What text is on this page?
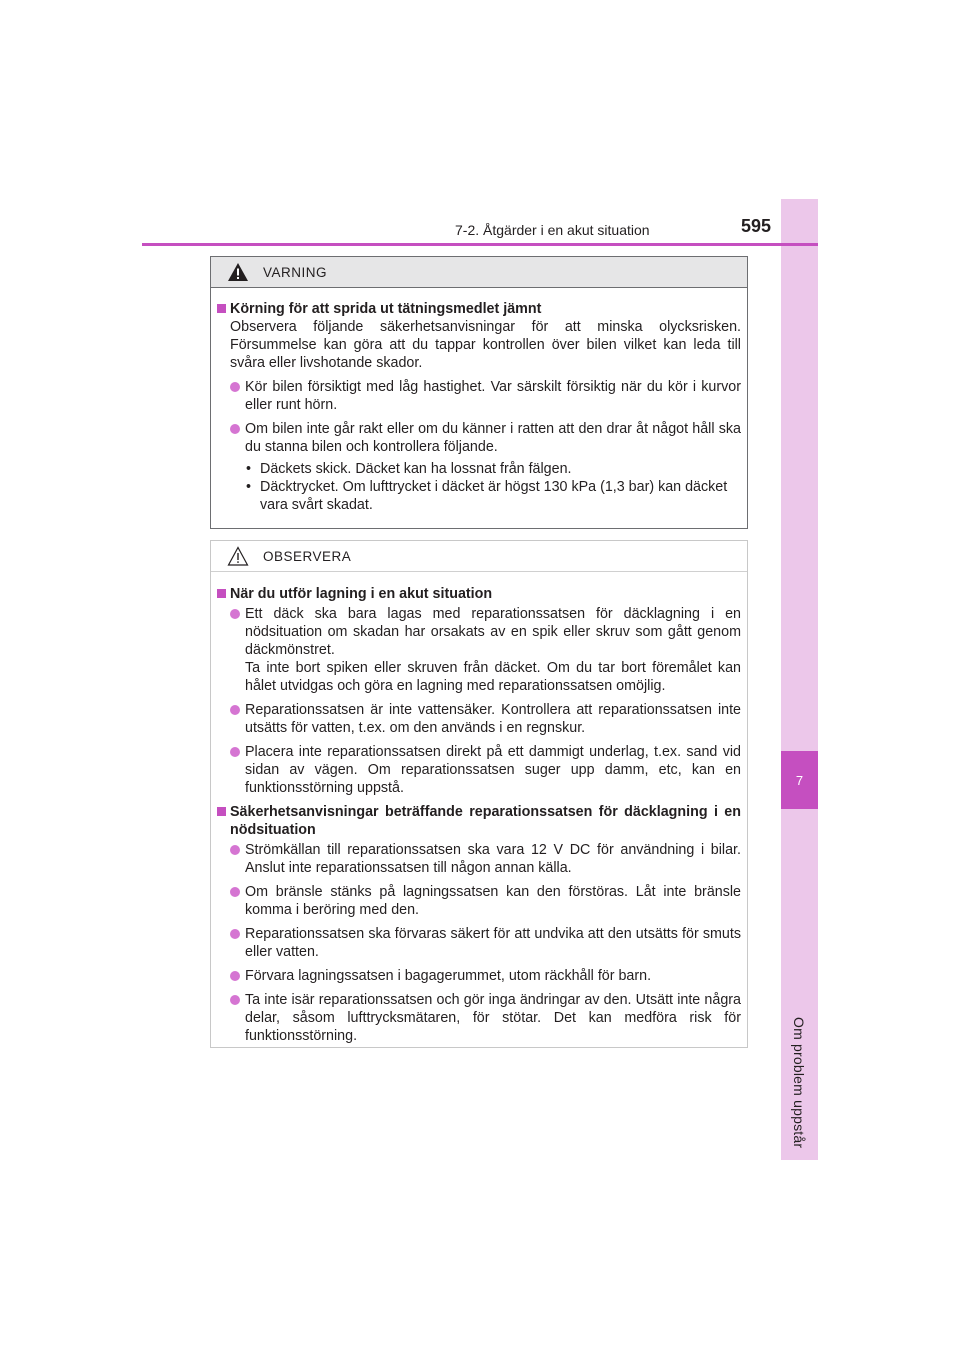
7
Om problem uppstår
7-2. Åtgärder i en akut situation	595
VARNING
Körning för att sprida ut tätningsmedlet jämnt
Observera följande säkerhetsanvisningar för att minska olycksrisken. Försummelse kan göra att du tappar kontrollen över bilen vilket kan leda till svåra eller livshotande skador.
Kör bilen försiktigt med låg hastighet. Var särskilt försiktig när du kör i kurvor eller runt hörn.
Om bilen inte går rakt eller om du känner i ratten att den drar åt något håll ska du stanna bilen och kontrollera följande.
• Däckets skick. Däcket kan ha lossnat från fälgen.
• Däcktrycket. Om lufttrycket i däcket är högst 130 kPa (1,3 bar) kan däcket vara svårt skadat.
OBSERVERA
När du utför lagning i en akut situation
Ett däck ska bara lagas med reparationssatsen för däcklagning i en nödsituation om skadan har orsakats av en spik eller skruv som gått genom däckmönstret.
Ta inte bort spiken eller skruven från däcket. Om du tar bort föremålet kan hålet utvidgas och göra en lagning med reparationssatsen omöjlig.
Reparationssatsen är inte vattensäker. Kontrollera att reparationssatsen inte utsätts för vatten, t.ex. om den används i en regnskur.
Placera inte reparationssatsen direkt på ett dammigt underlag, t.ex. sand vid sidan av vägen. Om reparationssatsen suger upp damm, etc, kan en funktionsstörning uppstå.
Säkerhetsanvisningar beträffande reparationssatsen för däcklagning i en nödsituation
Strömkällan till reparationssatsen ska vara 12 V DC för användning i bilar. Anslut inte reparationssatsen till någon annan källa.
Om bränsle stänks på lagningssatsen kan den förstöras. Låt inte bränsle komma i beröring med den.
Reparationssatsen ska förvaras säkert för att undvika att den utsätts för smuts eller vatten.
Förvara lagningssatsen i bagagerummet, utom räckhåll för barn.
Ta inte isär reparationssatsen och gör inga ändringar av den. Utsätt inte några delar, såsom lufttrycksmätaren, för stötar. Det kan medföra risk för funktionsstörning.
